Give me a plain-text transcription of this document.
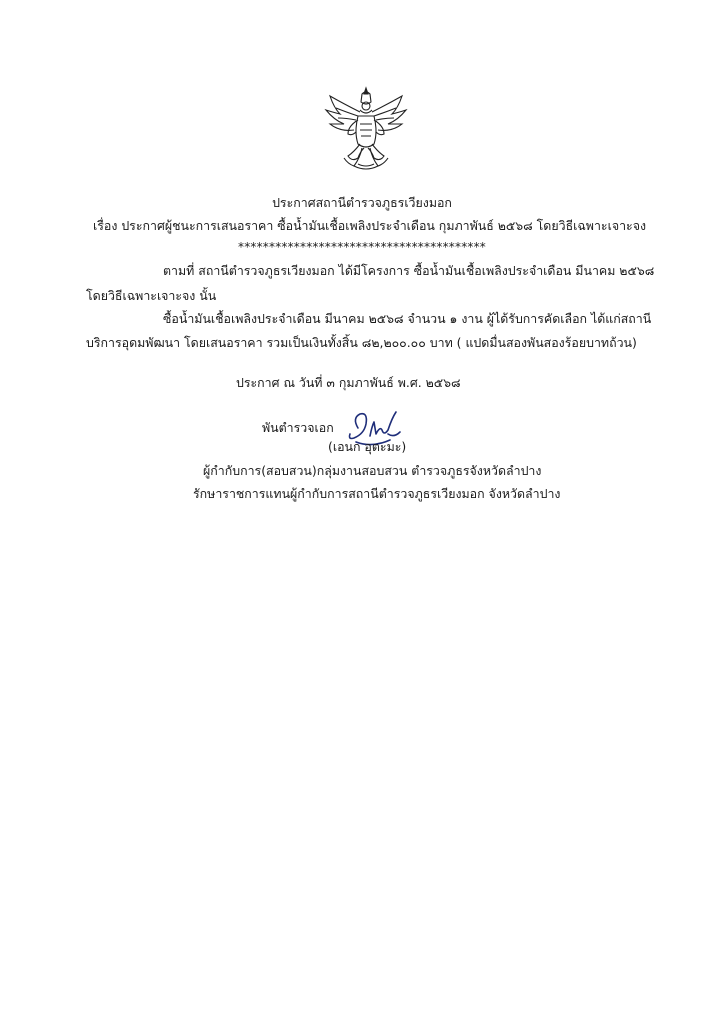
ประกาศสถานีตำรวจภูธรเวียงมอก
เรื่อง ประกาศผู้ชนะการเสนอราคา ซื้อน้ำมันเชื้อเพลิงประจำเดือน กุมภาพันธ์ ๒๕๖๘ โดยวิธีเฉพาะเจาะจง
****************************************
ตามที่ สถานีตำรวจภูธรเวียงมอก ได้มีโครงการ ซื้อน้ำมันเชื้อเพลิงประจำเดือน มีนาคม ๒๕๖๘
โดยวิธีเฉพาะเจาะจง นั้น
ซื้อน้ำมันเชื้อเพลิงประจำเดือน มีนาคม ๒๕๖๘ จำนวน ๑ งาน ผู้ได้รับการคัดเลือก ได้แก่สถานี
บริการอุดมพัฒนา โดยเสนอราคา รวมเป็นเงินทั้งสิ้น ๘๒,๒๐๐.๐๐ บาท ( แปดมื่นสองพันสองร้อยบาทถ้วน)
ประกาศ ณ วันที่ ๓ กุมภาพันธ์ พ.ศ. ๒๕๖๘
พันตำรวจเอก
(เอนก อุตะมะ)
ผู้กำกับการ(สอบสวน)กลุ่มงานสอบสวน ตำรวจภูธรจังหวัดลำปาง
รักษาราชการแทนผู้กำกับการสถานีตำรวจภูธรเวียงมอก จังหวัดลำปาง
